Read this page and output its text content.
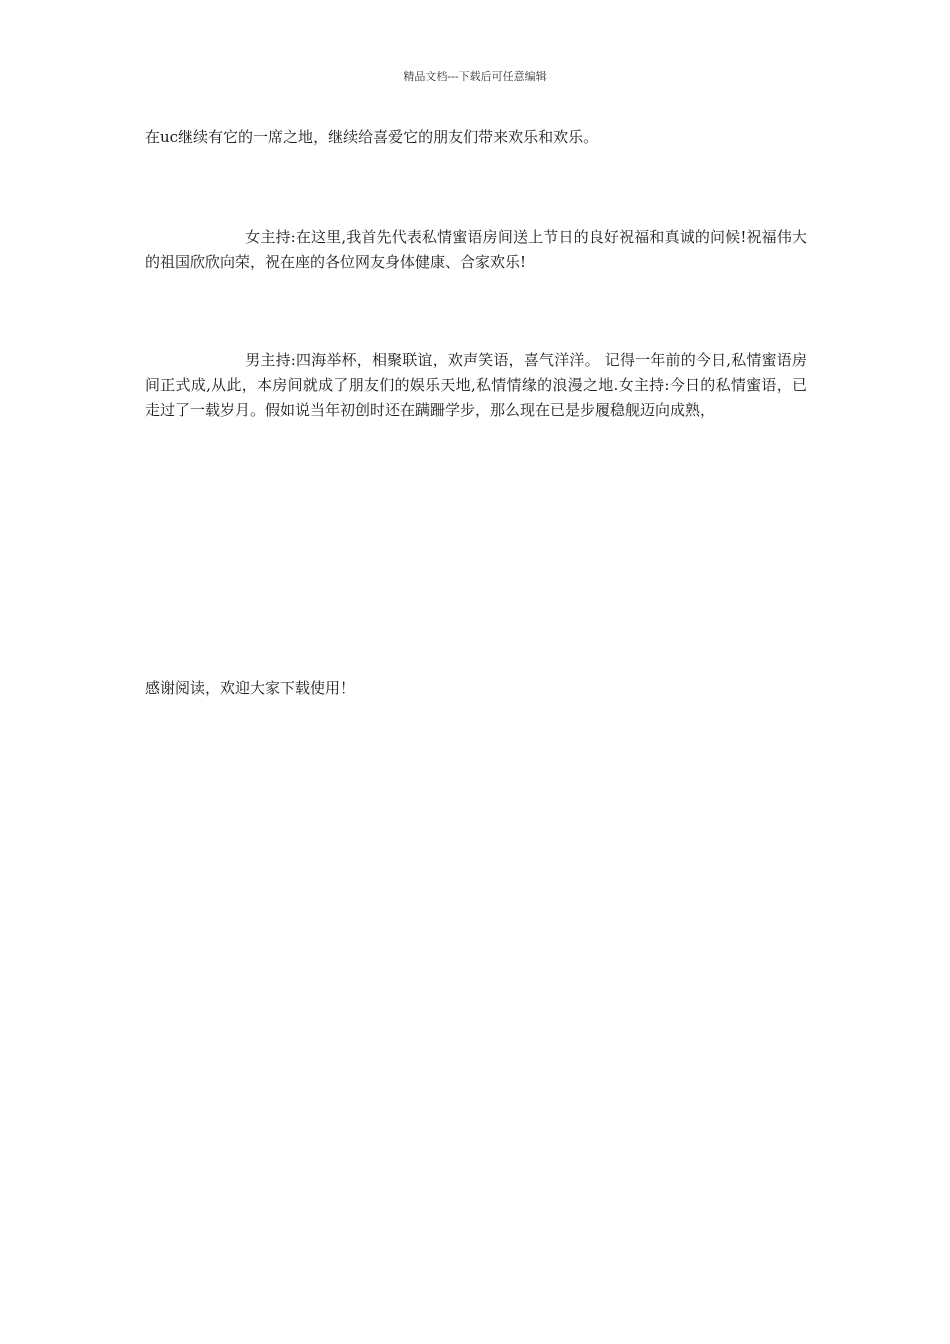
精品文档---下载后可任意编辑

在uc继续有它的一席之地，继续给喜爱它的朋友们带来欢乐和欢乐。

女主持:在这里,我首先代表私情蜜语房间送上节日的良好祝福和真诚的问候!祝福伟大的祖国欣欣向荣，祝在座的各位网友身体健康、合家欢乐!

男主持:四海举杯，相聚联谊，欢声笑语，喜气洋洋。 记得一年前的今日,私情蜜语房间正式成,从此，本房间就成了朋友们的娱乐天地,私情情缘的浪漫之地.女主持:今日的私情蜜语，已走过了一载岁月。假如说当年初创时还在蹒跚学步，那么现在已是步履稳舰迈向成熟，

感谢阅读，欢迎大家下载使用！
